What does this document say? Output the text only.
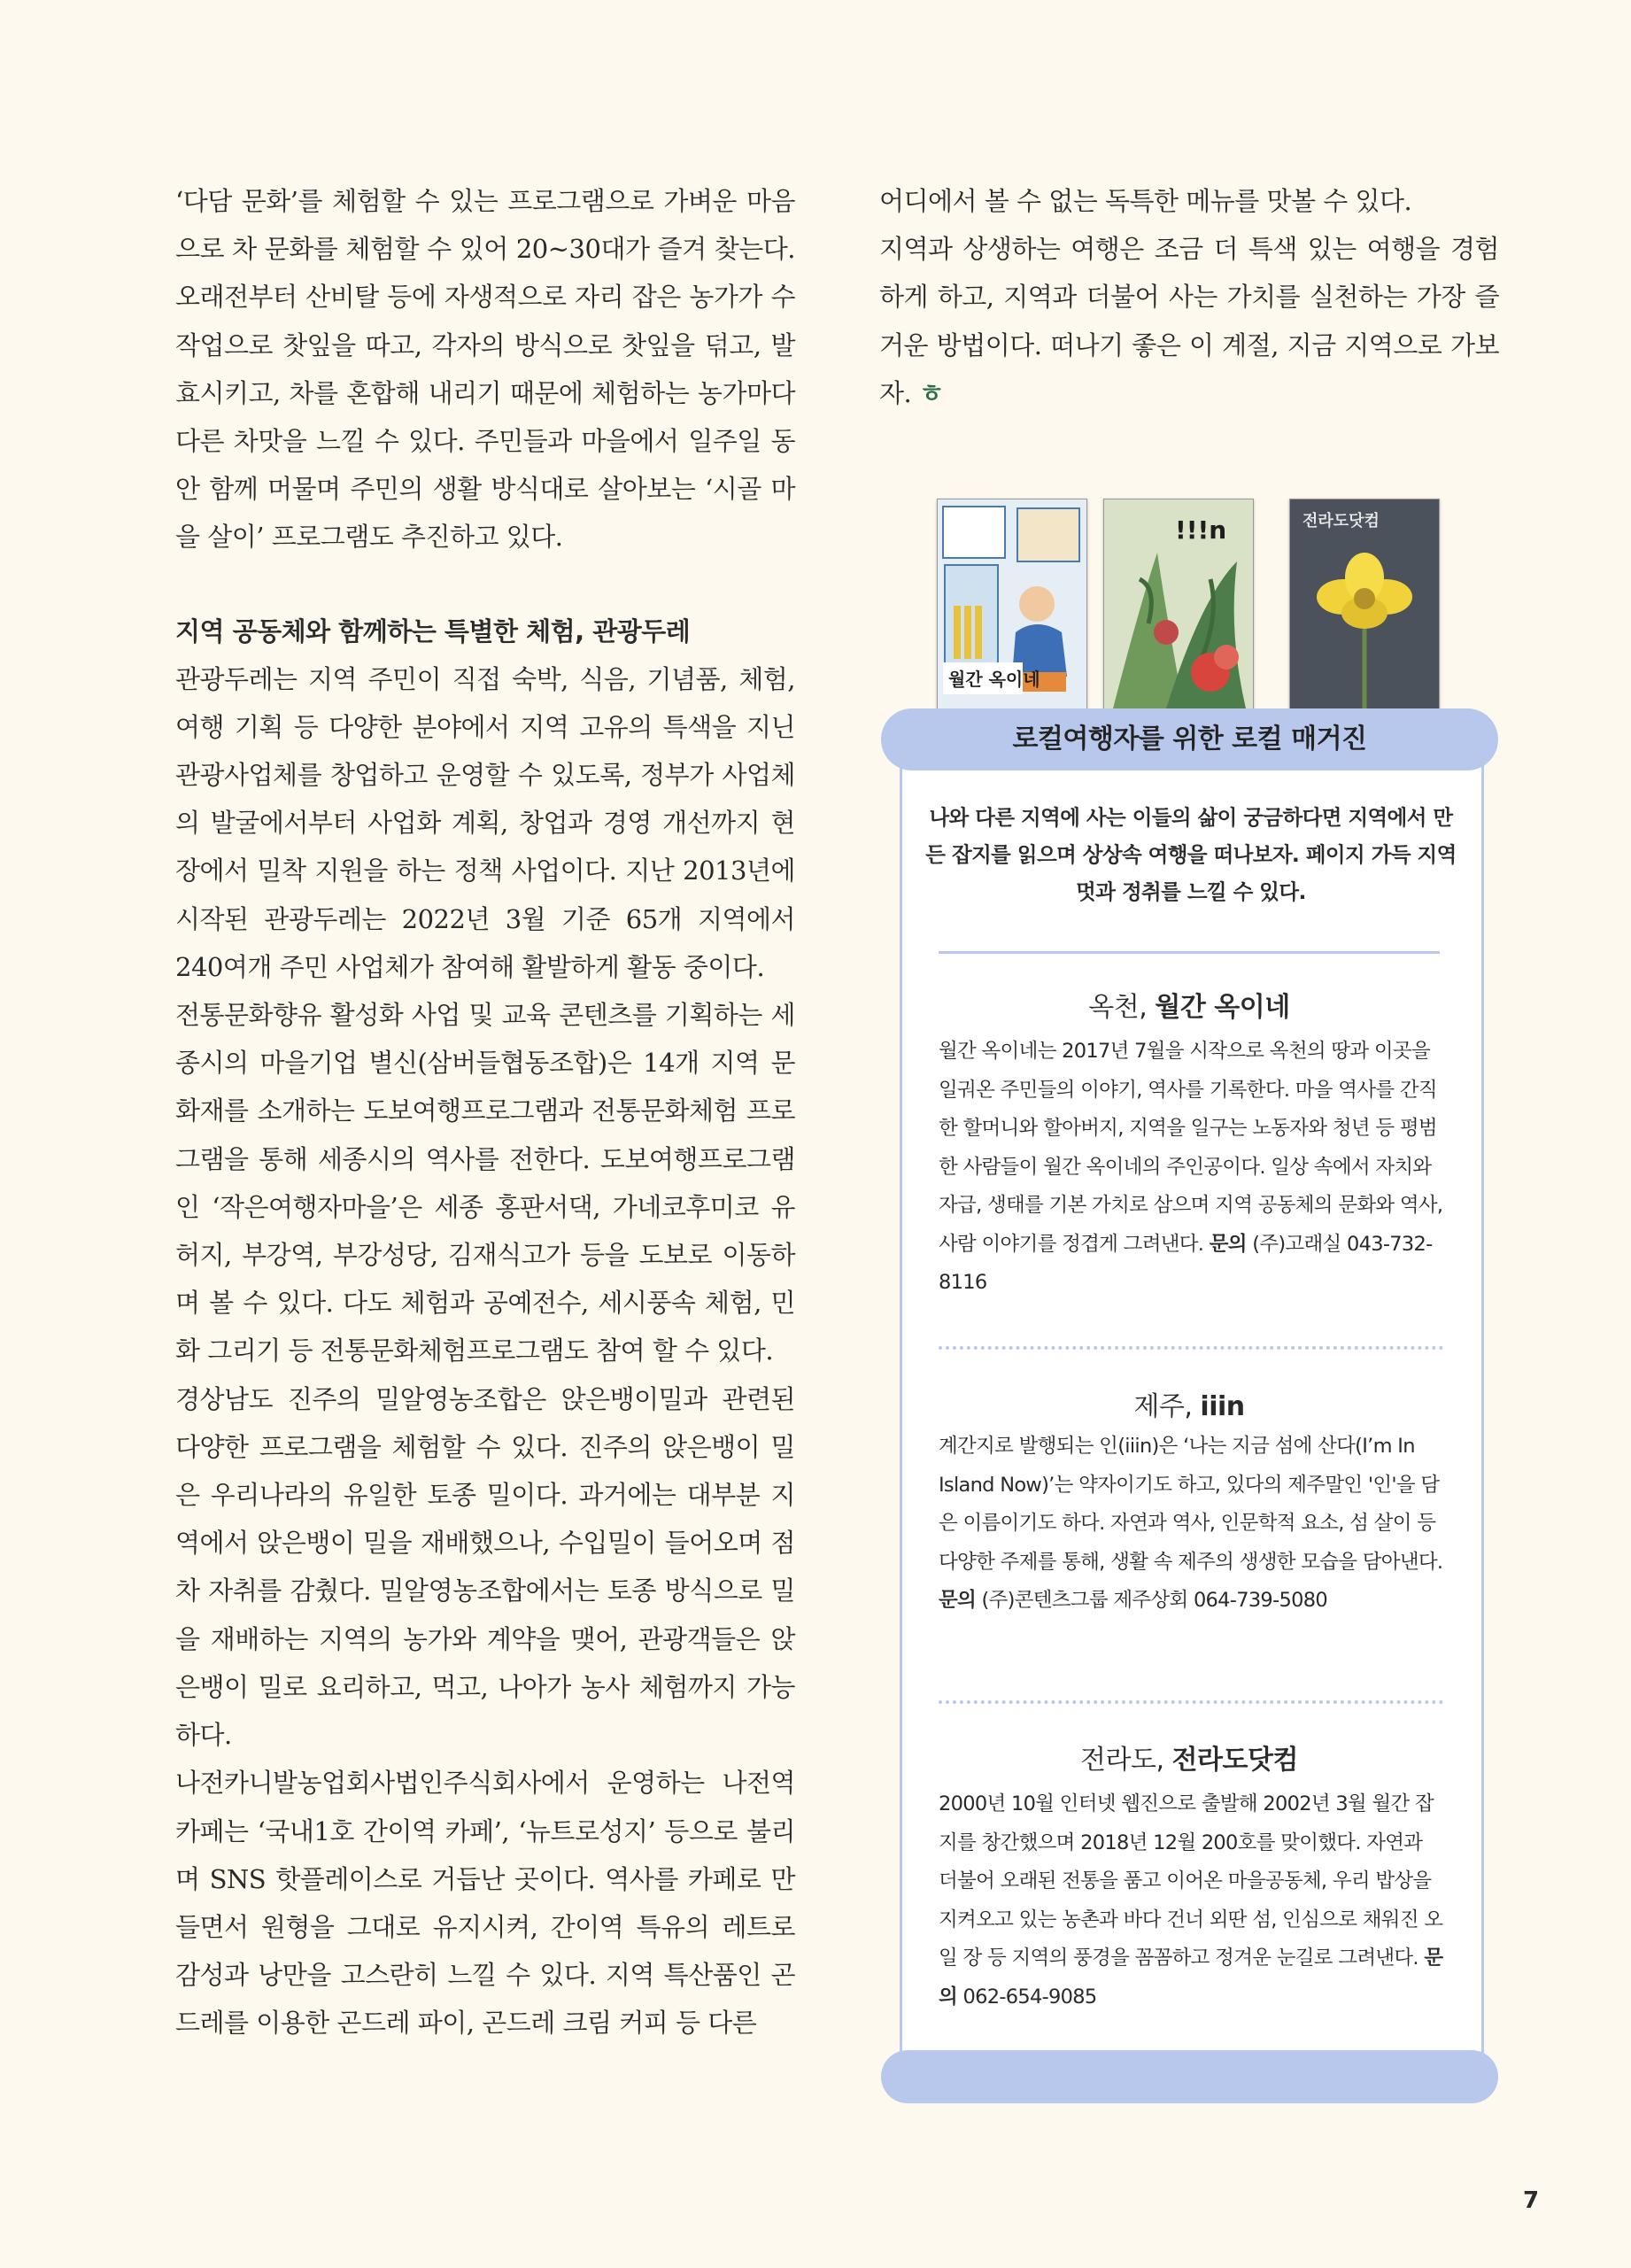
‘다담 문화’를 체험할 수 있는 프로그램으로 가벼운 마음으로 차 문화를 체험할 수 있어 20~30대가 즐겨 찾는다. 오래전부터 산비탈 등에 자생적으로 자리 잡은 농가가 수작업으로 찻잎을 따고, 각자의 방식으로 찻잎을 덖고, 발효시키고, 차를 혼합해 내리기 때문에 체험하는 농가마다 다른 차맛을 느낄 수 있다. 주민들과 마을에서 일주일 동안 함께 머물며 주민의 생활 방식대로 살아보는 ‘시골 마을 살이’ 프로그램도 추진하고 있다.

지역 공동체와 함께하는 특별한 체험, 관광두레

관광두레는 지역 주민이 직접 숙박, 식음, 기념품, 체험, 여행 기획 등 다양한 분야에서 지역 고유의 특색을 지닌 관광사업체를 창업하고 운영할 수 있도록, 정부가 사업체의 발굴에서부터 사업화 계획, 창업과 경영 개선까지 현장에서 밀착 지원을 하는 정책 사업이다. 지난 2013년에 시작된 관광두레는 2022년 3월 기준 65개 지역에서 240여개 주민 사업체가 참여해 활발하게 활동 중이다.

전통문화향유 활성화 사업 및 교육 콘텐츠를 기획하는 세종시의 마을기업 별신(삼버들협동조합)은 14개 지역 문화재를 소개하는 도보여행프로그램과 전통문화체험 프로그램을 통해 세종시의 역사를 전한다. 도보여행프로그램인 ‘작은여행자마을’은 세종 홍판서댁, 가네코후미코 유허지, 부강역, 부강성당, 김재식고가 등을 도보로 이동하며 볼 수 있다. 다도 체험과 공예전수, 세시풍속 체험, 민화 그리기 등 전통문화체험프로그램도 참여 할 수 있다.

경상남도 진주의 밀알영농조합은 앉은뱅이밀과 관련된 다양한 프로그램을 체험할 수 있다. 진주의 앉은뱅이 밀은 우리나라의 유일한 토종 밀이다. 과거에는 대부분 지역에서 앉은뱅이 밀을 재배했으나, 수입밀이 들어오며 점차 자취를 감췄다. 밀알영농조합에서는 토종 방식으로 밀을 재배하는 지역의 농가와 계약을 맺어, 관광객들은 앉은뱅이 밀로 요리하고, 먹고, 나아가 농사 체험까지 가능하다.

나전카니발농업회사법인주식회사에서 운영하는 나전역카페는 ‘국내1호 간이역 카페’, ‘뉴트로성지’ 등으로 불리며 SNS 핫플레이스로 거듭난 곳이다. 역사를 카페로 만들면서 원형을 그대로 유지시켜, 간이역 특유의 레트로 감성과 낭만을 고스란히 느낄 수 있다. 지역 특산품인 곤드레를 이용한 곤드레 파이, 곤드레 크림 커피 등 다른

어디에서 볼 수 없는 독특한 메뉴를 맛볼 수 있다.

지역과 상생하는 여행은 조금 더 특색 있는 여행을 경험하게 하고, 지역과 더불어 사는 가치를 실천하는 가장 즐거운 방법이다. 떠나기 좋은 이 계절, 지금 지역으로 가보자. ㅎ

월간 옥이네
!!!n	전라도닷컴
로컬여행자를 위한 로컬 매거진
나와 다른 지역에 사는 이들의 삶이 궁금하다면 지역에서 만든 잡지를 읽으며 상상속 여행을 떠나보자. 페이지 가득 지역 멋과 정취를 느낄 수 있다.
옥천, 월간 옥이네
월간 옥이네는 2017년 7월을 시작으로 옥천의 땅과 이곳을 일궈온 주민들의 이야기, 역사를 기록한다. 마을 역사를 간직한 할머니와 할아버지, 지역을 일구는 노동자와 청년 등 평범한 사람들이 월간 옥이네의 주인공이다. 일상 속에서 자치와 자급, 생태를 기본 가치로 삼으며 지역 공동체의 문화와 역사, 사람 이야기를 정겹게 그려낸다. 문의 (주)고래실 043-732-8116
제주, iiin
계간지로 발행되는 인(iiin)은 ‘나는 지금 섬에 산다(I’m In Island Now)’는 약자이기도 하고, 있다의 제주말인 '인'을 담은 이름이기도 하다. 자연과 역사, 인문학적 요소, 섬 살이 등 다양한 주제를 통해, 생활 속 제주의 생생한 모습을 담아낸다.
문의 (주)콘텐츠그룹 제주상회 064-739-5080
전라도, 전라도닷컴
2000년 10월 인터넷 웹진으로 출발해 2002년 3월 월간 잡지를 창간했으며 2018년 12월 200호를 맞이했다. 자연과 더불어 오래된 전통을 품고 이어온 마을공동체, 우리 밥상을 지켜오고 있는 농촌과 바다 건너 외딴 섬, 인심으로 채워진 오일 장 등 지역의 풍경을 꼼꼼하고 정겨운 눈길로 그려낸다. 문의 062-654-9085
7
